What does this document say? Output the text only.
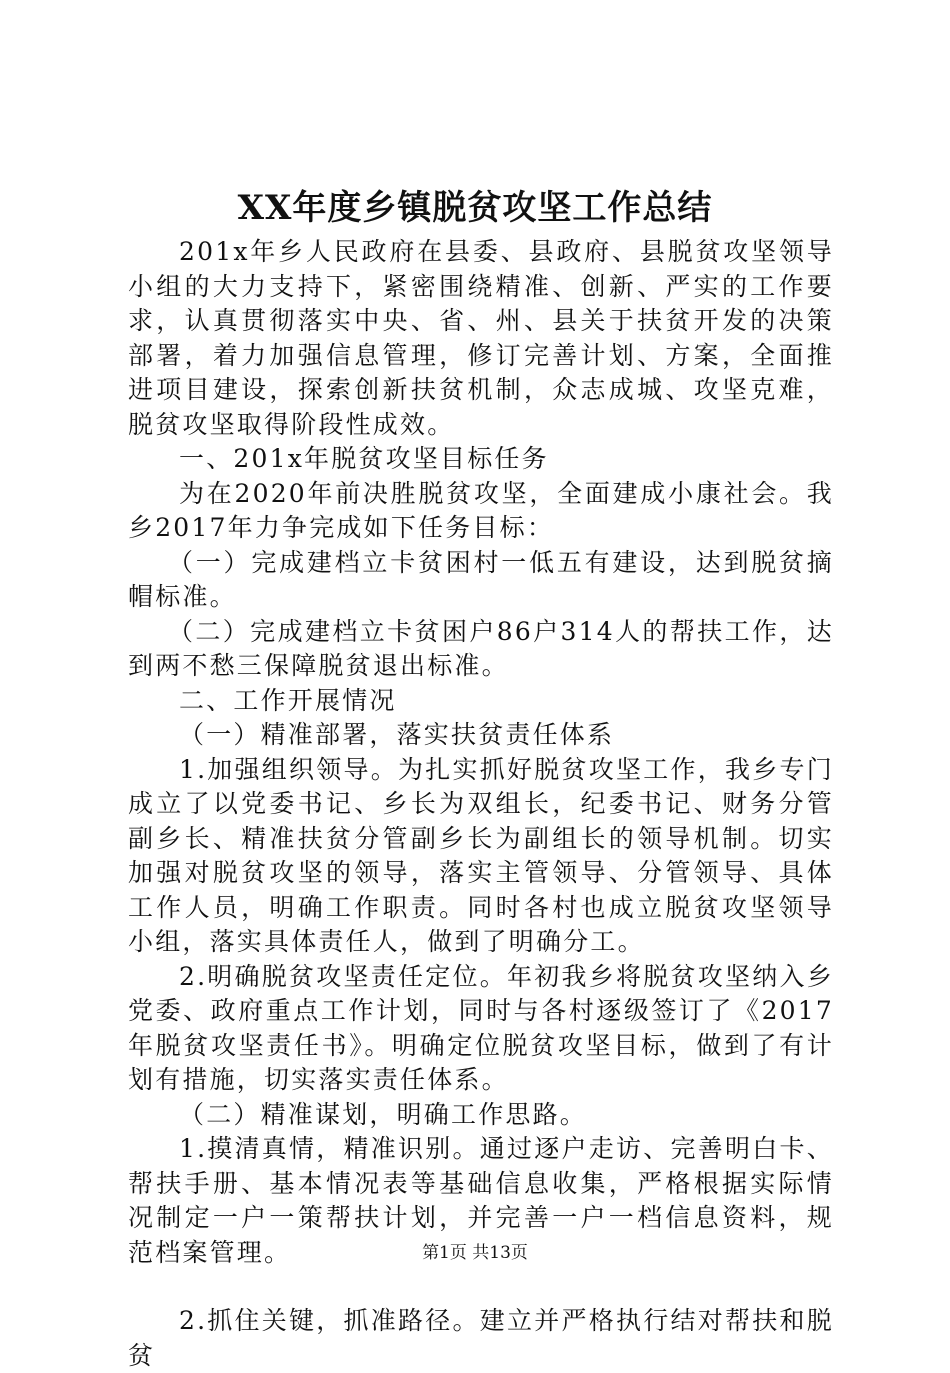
XX年度乡镇脱贫攻坚工作总结

201x年乡人民政府在县委、县政府、县脱贫攻坚领导小组的大力支持下，紧密围绕精准、创新、严实的工作要求，认真贯彻落实中央、省、州、县关于扶贫开发的决策部署，着力加强信息管理，修订完善计划、方案，全面推进项目建设，探索创新扶贫机制，众志成城、攻坚克难，脱贫攻坚取得阶段性成效。

一、201x年脱贫攻坚目标任务

为在2020年前决胜脱贫攻坚，全面建成小康社会。我乡2017年力争完成如下任务目标：

（一）完成建档立卡贫困村一低五有建设，达到脱贫摘帽标准。

（二）完成建档立卡贫困户86户314人的帮扶工作，达到两不愁三保障脱贫退出标准。

二、工作开展情况

（一）精准部署，落实扶贫责任体系

1.加强组织领导。为扎实抓好脱贫攻坚工作，我乡专门成立了以党委书记、乡长为双组长，纪委书记、财务分管副乡长、精准扶贫分管副乡长为副组长的领导机制。切实加强对脱贫攻坚的领导，落实主管领导、分管领导、具体工作人员，明确工作职责。同时各村也成立脱贫攻坚领导小组，落实具体责任人，做到了明确分工。

2.明确脱贫攻坚责任定位。年初我乡将脱贫攻坚纳入乡党委、政府重点工作计划，同时与各村逐级签订了《2017年脱贫攻坚责任书》。明确定位脱贫攻坚目标，做到了有计划有措施，切实落实责任体系。

（二）精准谋划，明确工作思路。

1.摸清真情，精准识别。通过逐户走访、完善明白卡、帮扶手册、基本情况表等基础信息收集，严格根据实际情况制定一户一策帮扶计划，并完善一户一档信息资料，规范档案管理。

2.抓住关键，抓准路径。建立并严格执行结对帮扶和脱贫

第1页 共13页
